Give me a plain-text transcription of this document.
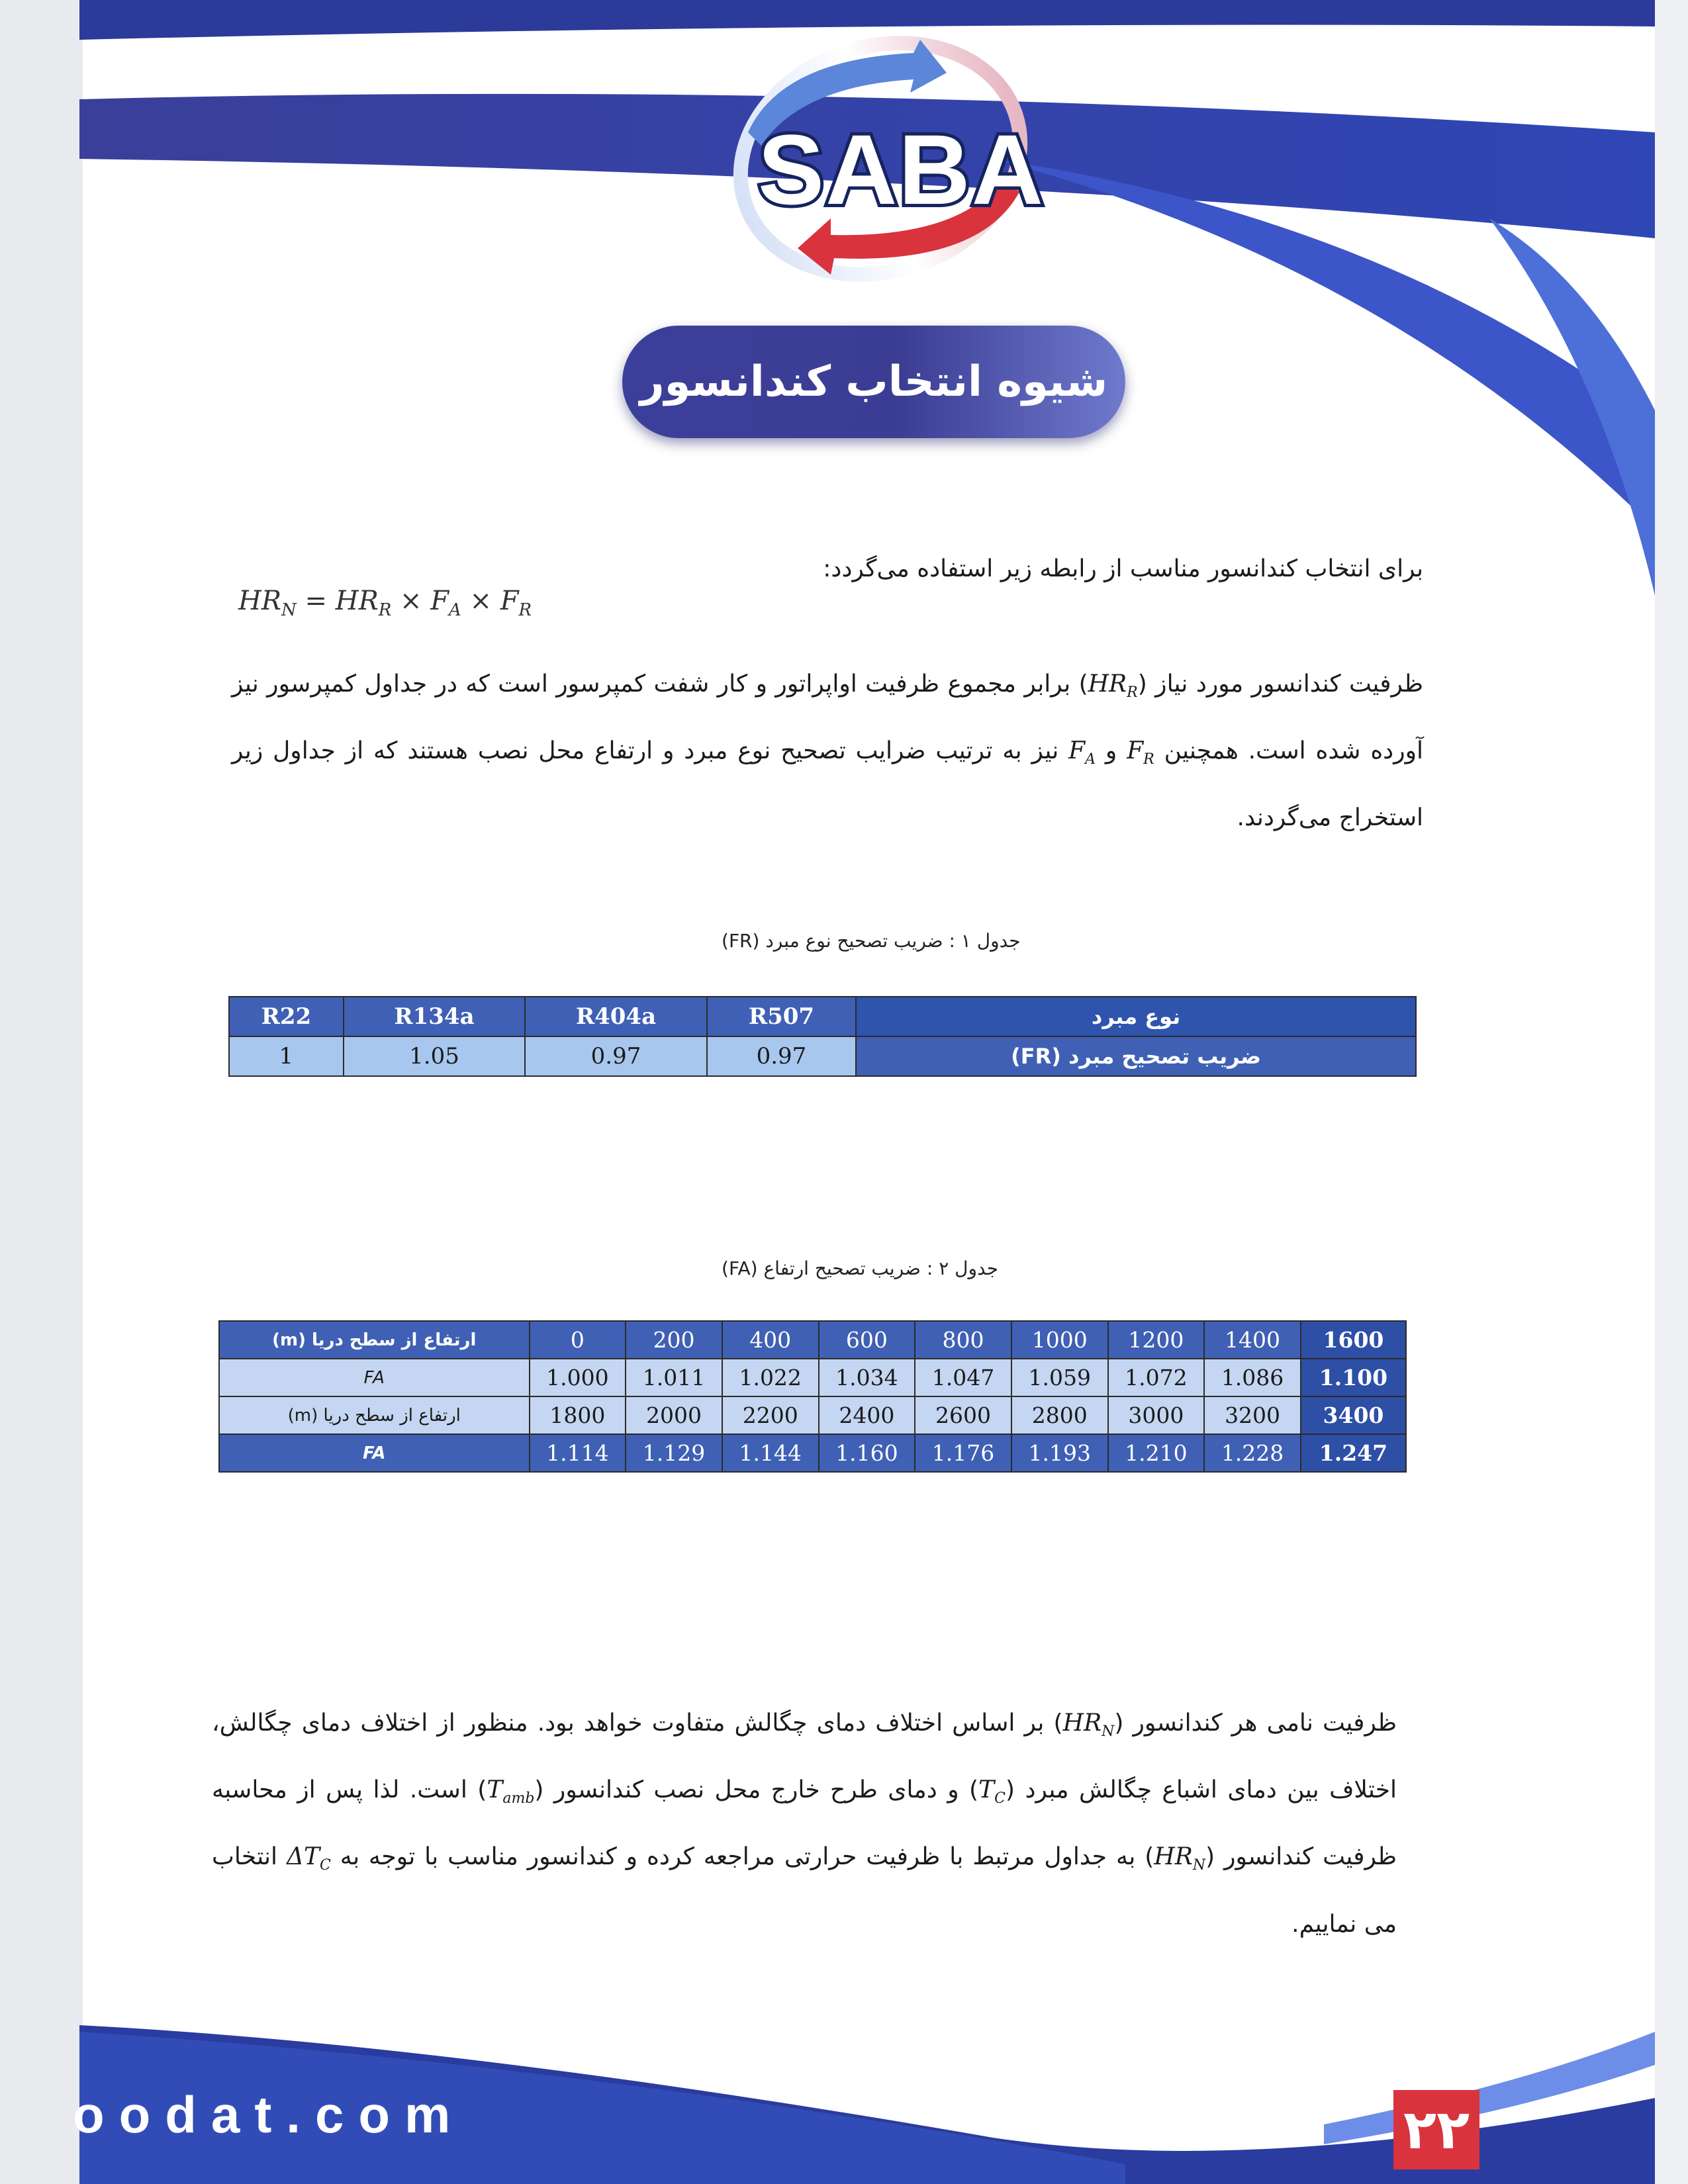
SABA
شیوه انتخاب کندانسور
برای انتخاب کندانسور مناسب از رابطه زیر استفاده می‌گردد:
$HR_N = HR_R \times F_A \times F_R$
ظرفیت کندانسور مورد نیاز $(HR_R)$ برابر مجموع ظرفیت اواپراتور و کار شفت کمپرسور است که در جداول کمپرسور نیز آورده شده است. همچنین $F_R$ و $F_A$ نیز به ترتیب ضرایب تصحیح نوع مبرد و ارتفاع محل نصب هستند که از جداول زیر استخراج می‌گردند.
جدول ۱ : ضریب تصحیح نوع مبرد (FR)
R22	R134a	R404a	R507	نوع مبرد
1	1.05	0.97	0.97	ضریب تصحیح مبرد (FR)
جدول ۲ : ضریب تصحیح ارتفاع (FA)
ارتفاع از سطح دریا (m)	0	200	400	600	800	1000	1200	1400	1600
FA	1.000	1.011	1.022	1.034	1.047	1.059	1.072	1.086	1.100
ارتفاع از سطح دریا (m)	1800	2000	2200	2400	2600	2800	3000	3200	3400
FA	1.114	1.129	1.144	1.160	1.176	1.193	1.210	1.228	1.247
ظرفیت نامی هر کندانسور $(HR_N)$ بر اساس اختلاف دمای چگالش متفاوت خواهد بود. منظور از اختلاف دمای چگالش، اختلاف بین دمای اشباع چگالش مبرد $(T_C)$ و دمای طرح خارج محل نصب کندانسور $(T_{amb})$ است. لذا پس از محاسبه ظرفیت کندانسور $(HR_N)$ به جداول مرتبط با ظرفیت حرارتی مراجعه کرده و کندانسور مناسب با توجه به $\Delta T_C$ انتخاب می نماییم.
oodat.com	۲۲
